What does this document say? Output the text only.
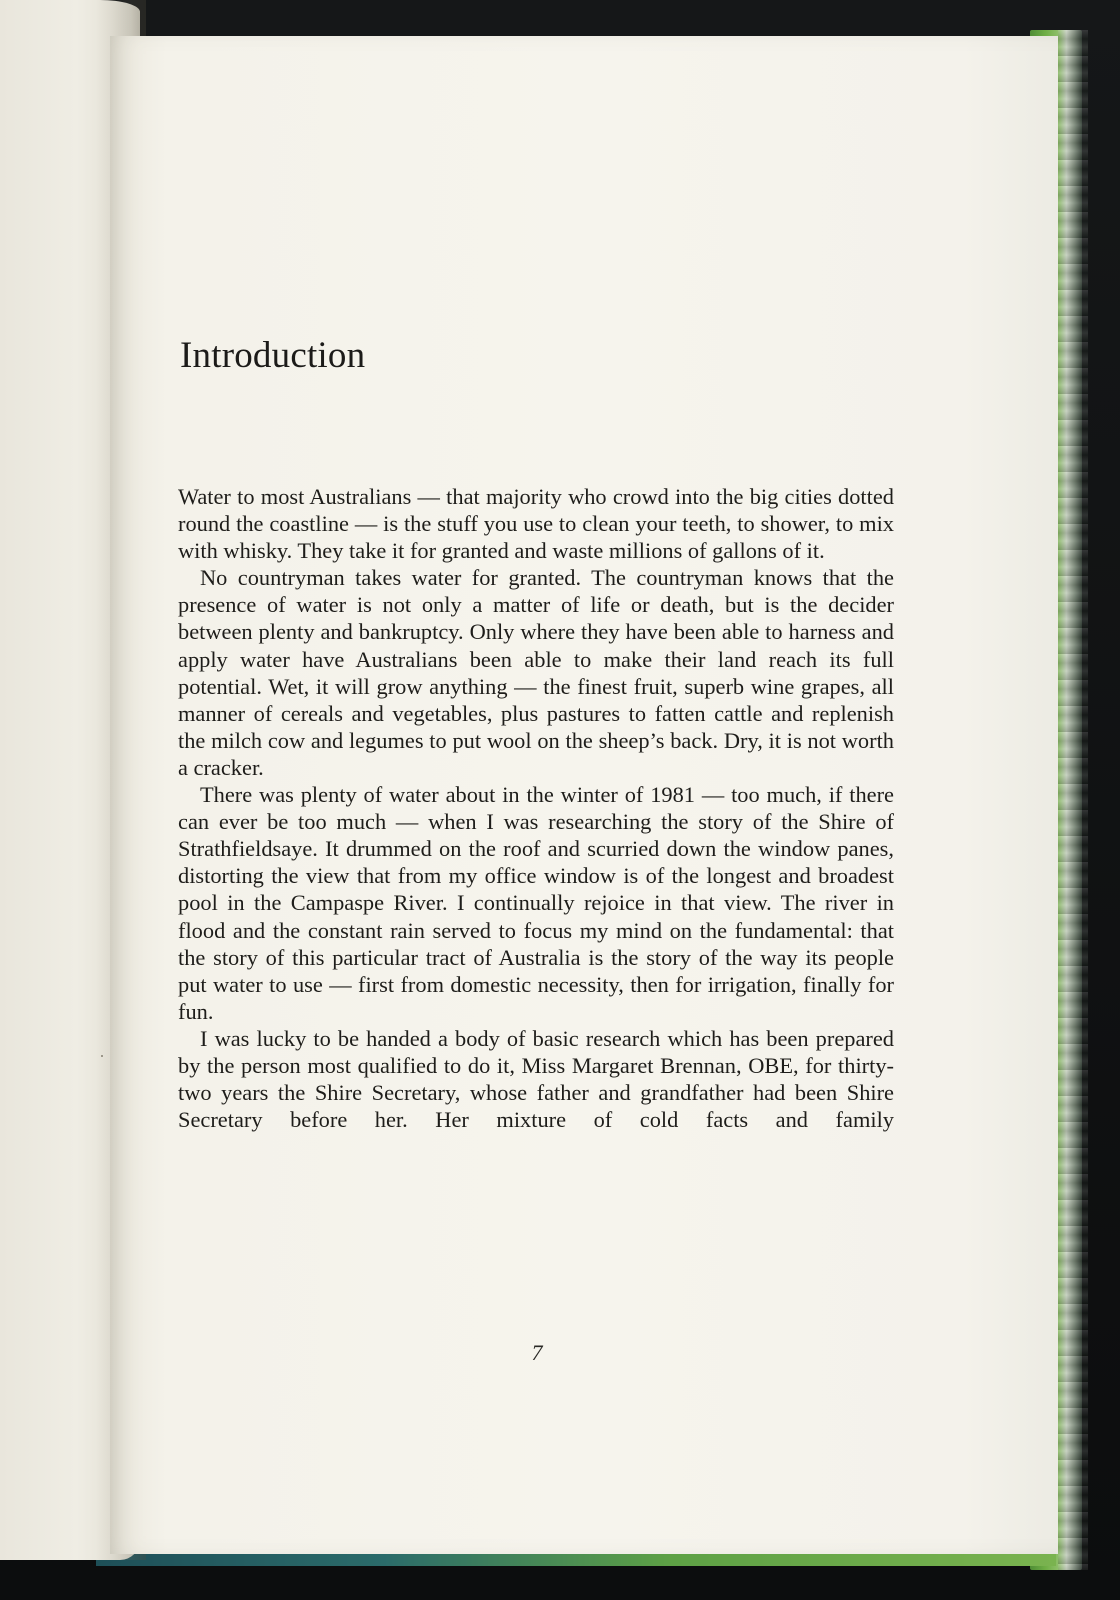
Introduction

Water to most Australians — that majority who crowd into the big cities dotted round the coastline — is the stuff you use to clean your teeth, to shower, to mix with whisky. They take it for granted and waste millions of gallons of it.

No countryman takes water for granted. The countryman knows that the presence of water is not only a matter of life or death, but is the decider between plenty and bankruptcy. Only where they have been able to harness and apply water have Australians been able to make their land reach its full potential. Wet, it will grow anything — the finest fruit, superb wine grapes, all manner of cereals and vegetables, plus pastures to fatten cattle and replenish the milch cow and legumes to put wool on the sheep’s back. Dry, it is not worth a cracker.

There was plenty of water about in the winter of 1981 — too much, if there can ever be too much — when I was researching the story of the Shire of Strathfieldsaye. It drummed on the roof and scurried down the window panes, distorting the view that from my office window is of the longest and broadest pool in the Campaspe River. I continually rejoice in that view. The river in flood and the constant rain served to focus my mind on the fundamental: that the story of this particular tract of Australia is the story of the way its people put water to use — first from domestic necessity, then for irrigation, finally for fun.

I was lucky to be handed a body of basic research which has been prepared by the person most qualified to do it, Miss Margaret Brennan, OBE, for thirty-two years the Shire Secretary, whose father and grandfather had been Shire Secretary before her. Her mixture of cold facts and family

7
